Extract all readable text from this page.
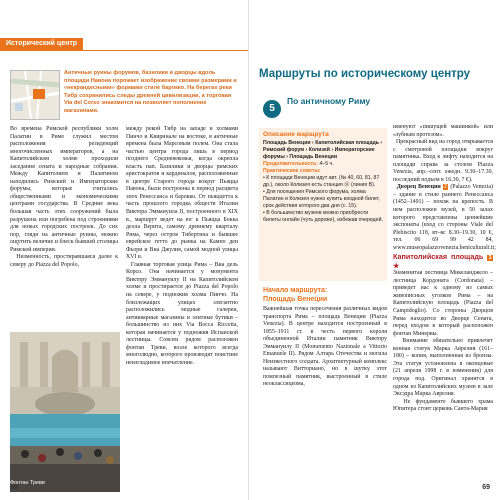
Исторический центр
Античные руины форумов, базилики и дворцы вдоль площади Навона порожает изображение своими размерами и «некрандесными» формами стиле барокко. На берегах реки Тибр сохранились следы древней цивилизации, а торговая Via del Corso знакомится на позволяет пополнение магазинами.
Во времена Римской республики холм Палатин в Риме служил местом расположения резиденций многочисленных императоров, а на Капитолийском холме проходили заседания сената и народные собрания. Между Капитолием и Палатином находились Римский и Императорские форумы, которые считались общественными и экономическими центрами государства. В Средние века большая часть этих сооружений была разрушена или погребена под строениями для новых городских построек. До сих пор, глядя на античные руины, можно ощутить величие и блеск бывшей столицы Римской империи.
Низменность, простиравшаяся далее к северу до Piazza del Popolo,
между рекой Тибр на западе и холмами Пинчо и Квиринале на востоке, в античные времена была Марсовым полем. Она стала частью центра города лишь в период позднего Средневековья, когда окрепла власть пап. Базилики и дворцы римских аристократов и кардиналов, расположенные в центре Старого города вокруг Пьяцца Навона, были построены в период расцвета эпох Ренессанса и барокко. От пьяццетта к часть прошлого городка обществ Италии Виктора Эммануила II, построенного в XIX в., маршрут ведет на юг к Пьяцца Бокка делла Верита, самому древнему кварталу Рима, через остров Тибертина и бывшее еврейское гетто до рынка на Кампо деи Фьори и Виа Джулия, самой модной улицы XVI в.
Главная торговая улица Рима – Виа дель Корсо. Она начинается у монумента Виктору Эммануилу II на Капитолийском холме и простирается до Piazza del Popolo на севере, у подножия холма Пинчо. На близлежащих улицах элегантно расположились модные галереи, антикварные магазины и элитные бутики – большинство из них Via Bocca Riccetta, которая начинается у подножия Испанской лестницы. Совсем рядом расположен фонтан Треви, возле которого всегда многолюдно, которого производят поистине неизгладимое впечатление.
Фонтан Треви
68

Маршруты по историческому центру
5
По античному Риму
Описание маршрута
Площадь Венеции › Капитолийская площадь › Римский форум › Колизей › Императорские форумы › Площадь Венеции
Продолжительность: 4–5 ч.
Практические советы:
• К площади Венеции идут авт. (№ 40, 60, 81, 87 др.), около Колизея есть станция Ⓜ (линия В).
• Для посещения Римского форума, холма Палатин и Колизея нужно купить входной билет, срок действия которого два дня (с. 15).
• В большинство музеев можно приобрести билеты онлайн (чуть дороже), избежав очередей.
Начало маршрута:
Площадь Венеции
Важнейшая точка пересечения различных видов транспорта Рима – площадь Венеции (Piazza Venezia). В центре находится построенный в 1855–1911 гг. в честь первого короля объединенной Италии памятник Виктору Эммануилу II (Monumento Nazionale a Vittorio Emanuele II). Рядом Алтарь Отечества и могила Неизвестного солдата. Архитектурный комплекс называют Витториано, но в шутку этот помпезный памятник, выстроенный в стиле неоклассицизма,
именуют «пишущей машинкой» или «зубным протезом».
Прекрасный вид на город открывается с смотровой площадки вокруг памятника. Вход к лифту находится на площади справа за столом Piazza Venezia, апр.–сент. ежедн. 9.30–17.30, последний подъем в 16.30, 7 €).
Дворец Венеции 2 (Palazzo Venezia) – здание в стиле раннего Ренессанса (1452–1491) – похож на крепость. В нем расположен музей, в 50 залах которого представлены ценнейшие экспонаты (вход со стороны Viale del Plebiscito 118, вт–вс 8.30–19.30, 10 €, тел. 06 69 99 42 84, www.museopalazzovenezia.beniculturali.it;

Капитолийская площадь 3 ★
Знаменитая лестница Микеланджело – лестница Кордоната (Cordonata) – приведет вас к одному из самых живописных уголков Рима – на Капитолийскую площадь (Piazza del Campidoglio). Со стороны Дворцов Рима находится во Дворце Сената, перед входом в который расположен фонтан Минервы.
Внимание обязательно привлечет конная статуя Марка Аврелия (161–180) – копия, выполненная из бронзы. Эта статуя установлена в оконцовые (21 апреля 1998 г. в изменения) для города под. Оригинал хранится в одном из Капитолийских музеев в зале Эксэдра Марка Аврелия.
Не фундаменте бывшего храма Юпитера стоит церковь Санта-Мария
69
